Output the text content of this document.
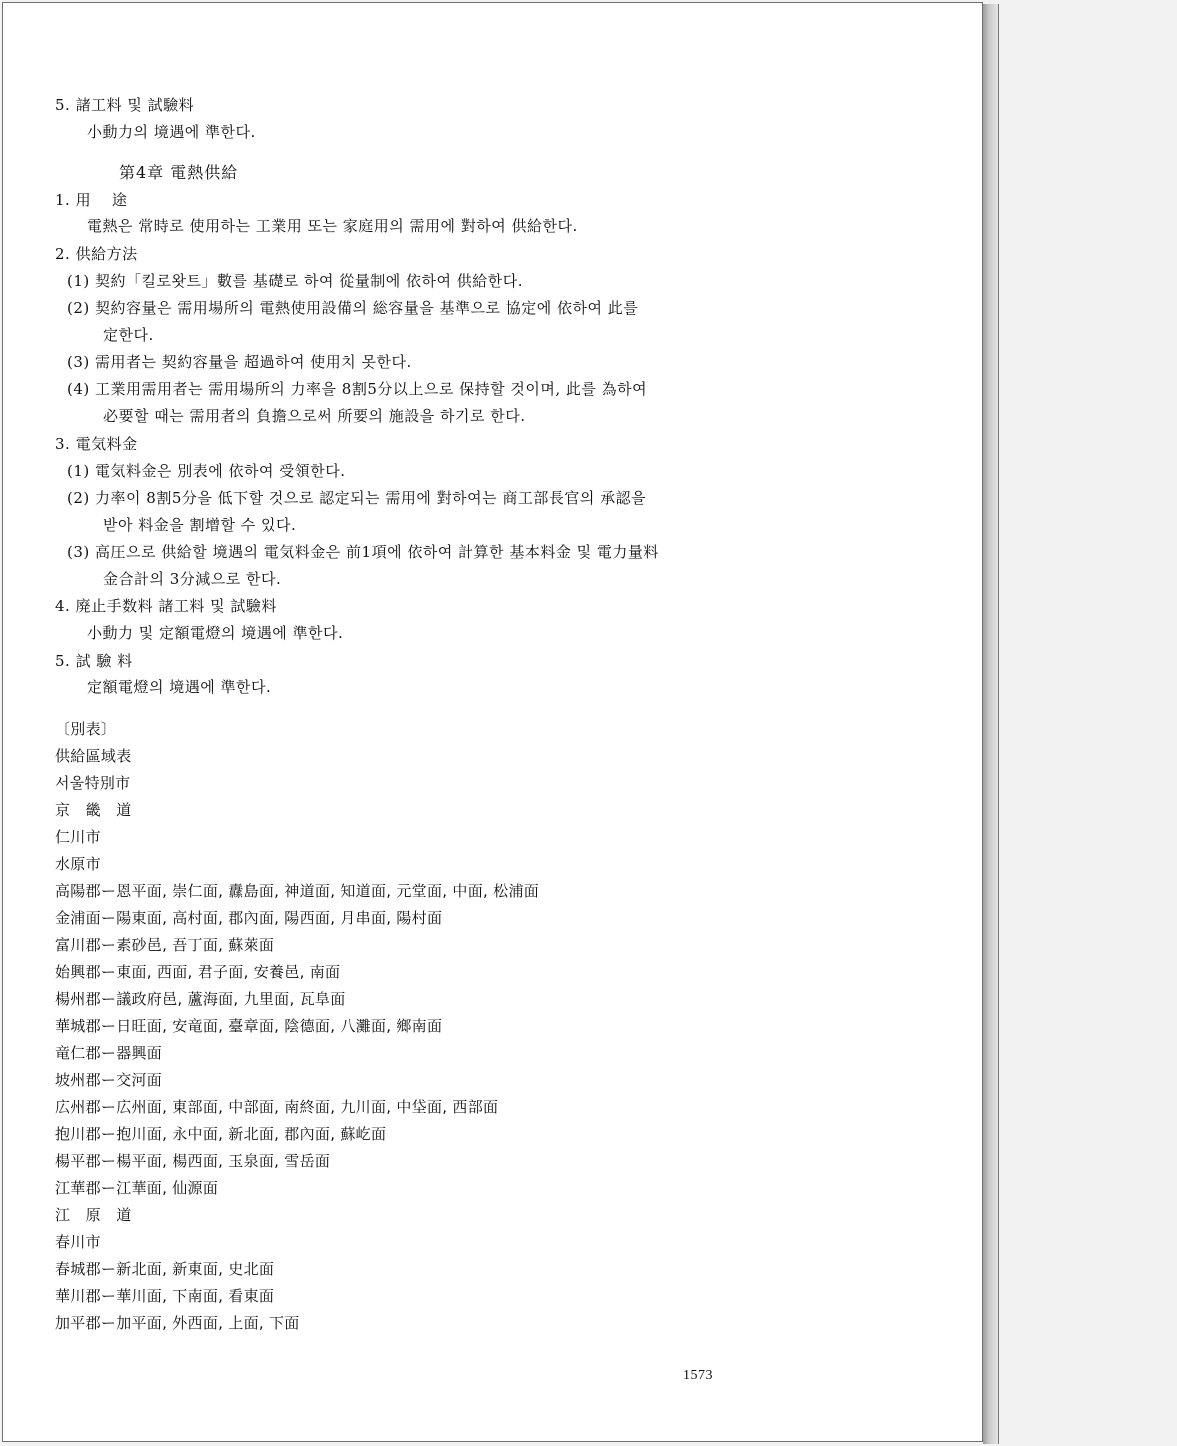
5. 諸工料 및 試驗料
小動力의 境遇에 準한다.
第4章 電熱供給
1. 用　 途
電熱은 常時로 使用하는 工業用 또는 家庭用의 需用에 對하여 供給한다.
2. 供給方法
(1) 契約「킬로왓트」數를 基礎로 하여 從量制에 依하여 供給한다.
(2) 契約容量은 需用場所의 電熱使用設備의 総容量을 基準으로 協定에 依하여 此를
定한다.
(3) 需用者는 契約容量을 超過하여 使用치 못한다.
(4) 工業用需用者는 需用場所의 力率을 8割5分以上으로 保持할 것이며, 此를 為하여
必要할 때는 需用者의 負擔으로써 所要의 施設을 하기로 한다.
3. 電気料金
(1) 電気料金은 別表에 依하여 受領한다.
(2) 力率이 8割5分을 低下할 것으로 認定되는 需用에 對하여는 商工部長官의 承認을
받아 料金을 割增할 수 있다.
(3) 高圧으로 供給할 境遇의 電気料金은 前1項에 依하여 計算한 基本料金 및 電力量料
金合計의 3分減으로 한다.
4. 廃止手数料 諸工料 및 試驗料
小動力 및 定額電燈의 境遇에 準한다.
5. 試 驗 料
定額電燈의 境遇에 準한다.
〔別表〕
供給區域表
서울特別市
京　畿　道
仁川市
水原市
高陽郡ー恩平面, 崇仁面, 纛島面, 神道面, 知道面, 元堂面, 中面, 松浦面
金浦面ー陽東面, 高村面, 郡內面, 陽西面, 月串面, 陽村面
富川郡ー素砂邑, 吾丁面, 蘇萊面
始興郡ー東面, 西面, 君子面, 安養邑, 南面
楊州郡ー議政府邑, 蘆海面, 九里面, 瓦阜面
華城郡ー日旺面, 安竜面, 臺章面, 陰德面, 八灘面, 鄉南面
竜仁郡ー器興面
坡州郡ー交河面
広州郡ー広州面, 東部面, 中部面, 南終面, 九川面, 中垈面, 西部面
抱川郡ー抱川面, 永中面, 新北面, 郡內面, 蘇屹面
楊平郡ー楊平面, 楊西面, 玉泉面, 雪岳面
江華郡ー江華面, 仙源面
江　原　道
春川市
春城郡ー新北面, 新東面, 史北面
華川郡ー華川面, 下南面, 看東面
加平郡ー加平面, 外西面, 上面, 下面
1573
